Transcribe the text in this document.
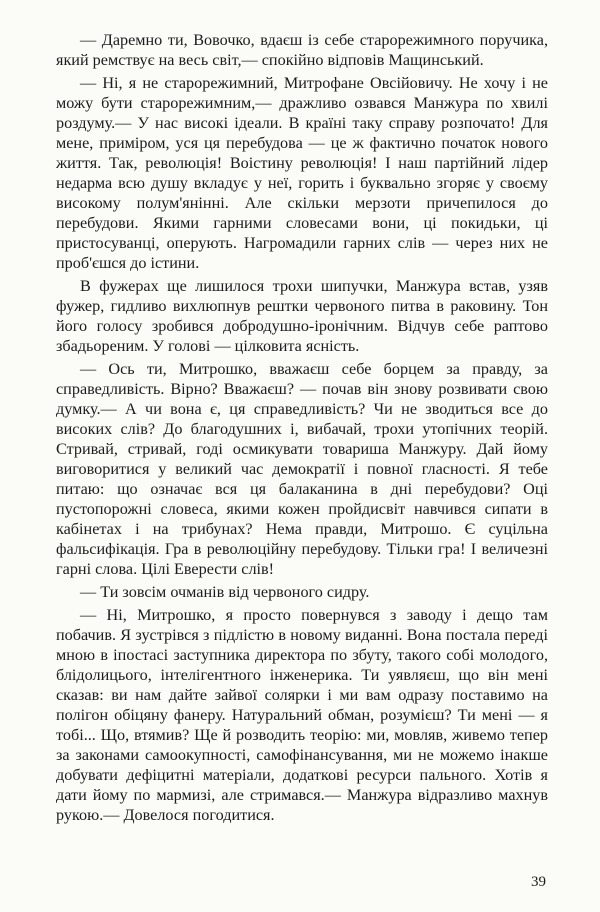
— Даремно ти, Вовочко, вдаєш із себе старорежимного поручика, який ремствує на весь світ,— спокійно відповів Мащинський.

— Ні, я не старорежимний, Митрофане Овсійовичу. Не хочу і не можу бути старорежимним,— дражливо озвався Манжура по хвилі роздуму.— У нас високі ідеали. В країні таку справу розпочато! Для мене, приміром, уся ця перебудова — це ж фактично початок нового життя. Так, революція! Воістину революція! І наш партійний лідер недарма всю душу вкладує у неї, горить і буквально згоряє у своєму високому полум'янінні. Але скільки мерзоти причепилося до перебудови. Якими гарними словесами вони, ці покидьки, ці пристосуванці, оперують. Нагромадили гарних слів — через них не проб'єшся до істини.

В фужерах ще лишилося трохи шипучки, Манжура встав, узяв фужер, гидливо вихлюпнув рештки червоного питва в раковину. Тон його голосу зробився добродушно-іронічним. Відчув себе раптово збадьореним. У голові — цілковита ясність.

— Ось ти, Митрошко, вважаєш себе борцем за правду, за справедливість. Вірно? Вважаєш? — почав він знову розвивати свою думку.— А чи вона є, ця справедливість? Чи не зводиться все до високих слів? До благодушних і, вибачай, трохи утопічних теорій. Стривай, стривай, годі осмикувати товариша Манжуру. Дай йому виговоритися у великий час демократії і повної гласності. Я тебе питаю: що означає вся ця балаканина в дні перебудови? Оці пустопорожні словеса, якими кожен пройдисвіт навчився сипати в кабінетах і на трибунах? Нема правди, Митрошо. Є суцільна фальсифікація. Гра в революційну перебудову. Тільки гра! І величезні гарні слова. Цілі Еверести слів!

— Ти зовсім очманів від червоного сидру.

— Ні, Митрошко, я просто повернувся з заводу і дещо там побачив. Я зустрівся з підлістю в новому виданні. Вона постала переді мною в іпостасі заступника директора по збуту, такого собі молодого, блідолицього, інтелігентного інженерика. Ти уявляєш, що він мені сказав: ви нам дайте зайвої солярки і ми вам одразу поставимо на полігон обіцяну фанеру. Натуральний обман, розумієш? Ти мені — я тобі... Що, втямив? Ще й розводить теорію: ми, мовляв, живемо тепер за законами самоокупності, самофінансування, ми не можемо інакше добувати дефіцитні матеріали, додаткові ресурси пального. Хотів я дати йому по мармизі, але стримався.— Манжура відразливо махнув рукою.— Довелося погодитися.

39
